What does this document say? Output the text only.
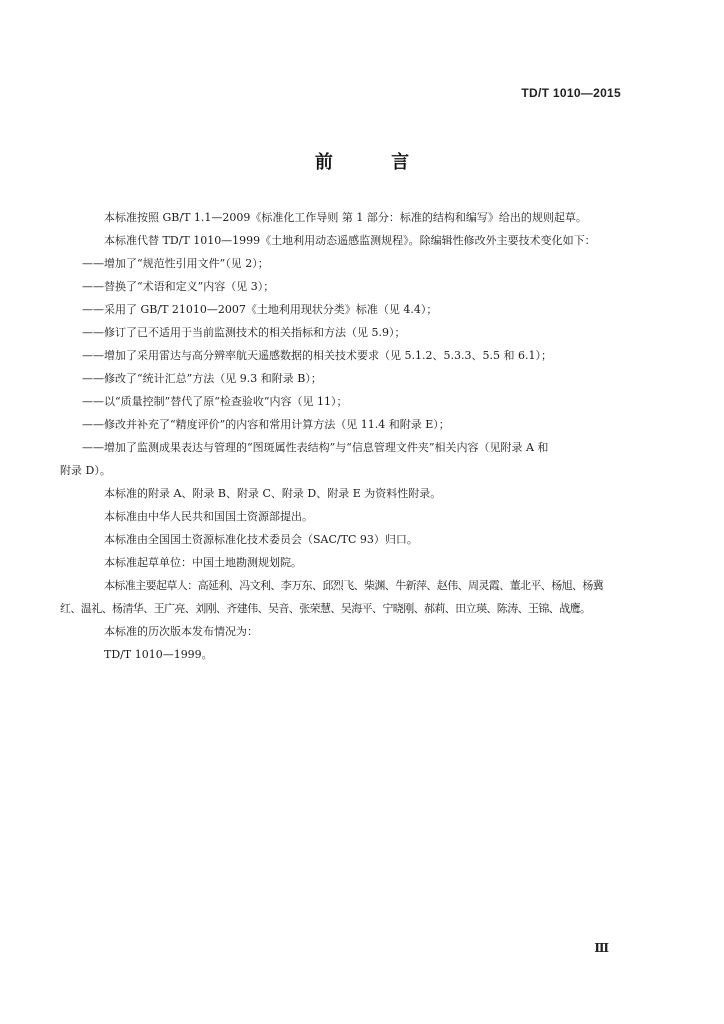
TD/T 1010—2015
前 言

本标准按照 GB/T 1.1—2009《标准化工作导则 第 1 部分：标准的结构和编写》给出的规则起草。

本标准代替 TD/T 1010—1999《土地利用动态遥感监测规程》。除编辑性修改外主要技术变化如下：

——增加了“规范性引用文件”（见 2）；

——替换了“术语和定义”内容（见 3）；

——采用了 GB/T 21010—2007《土地利用现状分类》标准（见 4.4）；

——修订了已不适用于当前监测技术的相关指标和方法（见 5.9）；

——增加了采用雷达与高分辨率航天遥感数据的相关技术要求（见 5.1.2、5.3.3、5.5 和 6.1）；

——修改了“统计汇总”方法（见 9.3 和附录 B）；

——以“质量控制”替代了原“检查验收”内容（见 11）；

——修改并补充了“精度评价”的内容和常用计算方法（见 11.4 和附录 E）；

——增加了监测成果表达与管理的“图斑属性表结构”与“信息管理文件夹”相关内容（见附录 A 和

附录 D）。

本标准的附录 A、附录 B、附录 C、附录 D、附录 E 为资料性附录。

本标准由中华人民共和国国土资源部提出。

本标准由全国国土资源标准化技术委员会（SAC/TC 93）归口。

本标准起草单位：中国土地勘测规划院。

本标准主要起草人：高延利、冯文利、李万东、邱烈飞、柴渊、牛新萍、赵伟、周灵霞、董北平、杨旭、杨冀

红、温礼、杨清华、王广亮、刘刚、齐建伟、吴音、张荣慧、吴海平、宁晓刚、郝莉、田立瑛、陈涛、王锦、战鹰。

本标准的历次版本发布情况为：

TD/T 1010—1999。

Ⅲ
